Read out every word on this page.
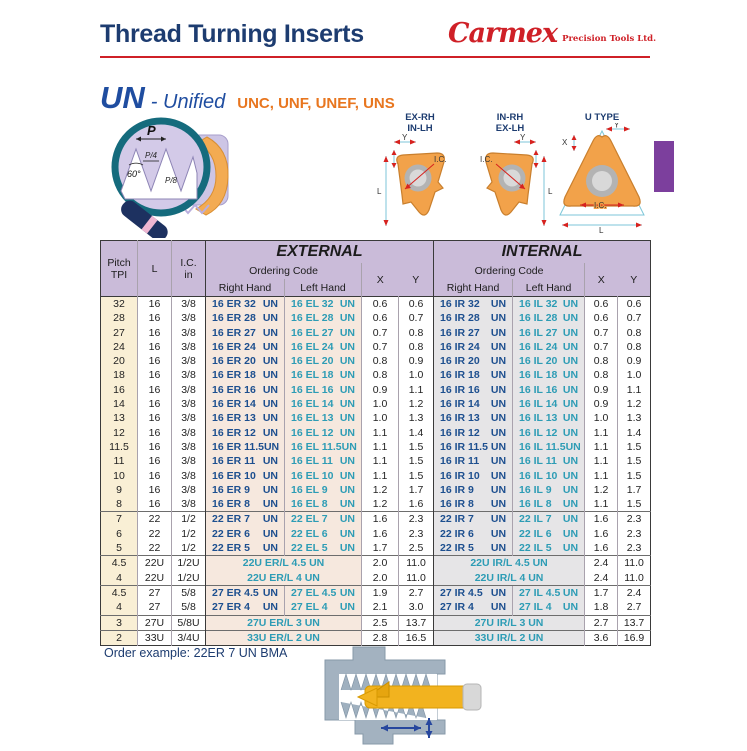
Thread Turning Inserts	Carmex Precision Tools Ltd.
UN - Unified UNC, UNF, UNEF, UNS
P
P/4
60°
P/8
EX-RH
IN-LH
L
Y
I.C.
IN-RH
EX-LH
L
Y
I.C.
U TYPE
X
Y
I.C.
L
Pitch
TPI	L	I.C.
in
	EXTERNAL	INTERNAL
			Ordering Code		X	Y	Ordering Code		X	Y
			Right Hand	Left Hand			Right Hand	Left Hand		
32	16	3/8	16 ER 32 UN	16 EL 32 UN	0.6	0.6	16 IR 32 UN	16 IL 32 UN	0.6	0.6
28	16	3/8	16 ER 28 UN	16 EL 28 UN	0.6	0.7	16 IR 28 UN	16 IL 28 UN	0.6	0.7
27	16	3/8	16 ER 27 UN	16 EL 27 UN	0.7	0.8	16 IR 27 UN	16 IL 27 UN	0.7	0.8
24	16	3/8	16 ER 24 UN	16 EL 24 UN	0.7	0.8	16 IR 24 UN	16 IL 24 UN	0.7	0.8
20	16	3/8	16 ER 20 UN	16 EL 20 UN	0.8	0.9	16 IR 20 UN	16 IL 20 UN	0.8	0.9
18	16	3/8	16 ER 18 UN	16 EL 18 UN	0.8	1.0	16 IR 18 UN	16 IL 18 UN	0.8	1.0
16	16	3/8	16 ER 16 UN	16 EL 16 UN	0.9	1.1	16 IR 16 UN	16 IL 16 UN	0.9	1.1
14	16	3/8	16 ER 14 UN	16 EL 14 UN	1.0	1.2	16 IR 14 UN	16 IL 14 UN	0.9	1.2
13	16	3/8	16 ER 13 UN	16 EL 13 UN	1.0	1.3	16 IR 13 UN	16 IL 13 UN	1.0	1.3
12	16	3/8	16 ER 12 UN	16 EL 12 UN	1.1	1.4	16 IR 12 UN	16 IL 12 UN	1.1	1.4
11.5	16	3/8	16 ER 11.5 UN	16 EL 11.5 UN	1.1	1.5	16 IR 11.5 UN	16 IL 11.5 UN	1.1	1.5
11	16	3/8	16 ER 11 UN	16 EL 11 UN	1.1	1.5	16 IR 11 UN	16 IL 11 UN	1.1	1.5
10	16	3/8	16 ER 10 UN	16 EL 10 UN	1.1	1.5	16 IR 10 UN	16 IL 10 UN	1.1	1.5
9	16	3/8	16 ER 9 UN	16 EL 9 UN	1.2	1.7	16 IR 9 UN	16 IL 9 UN	1.2	1.7
8	16	3/8	16 ER 8 UN	16 EL 8 UN	1.2	1.6	16 IR 8 UN	16 IL 8 UN	1.1	1.5
7	22	1/2	22 ER 7 UN	22 EL 7 UN	1.6	2.3	22 IR 7 UN	22 IL 7 UN	1.6	2.3
6	22	1/2	22 ER 6 UN	22 EL 6 UN	1.6	2.3	22 IR 6 UN	22 IL 6 UN	1.6	2.3
5	22	1/2	22 ER 5 UN	22 EL 5 UN	1.7	2.5	22 IR 5 UN	22 IL 5 UN	1.6	2.3
4.5	22U	1/2U	22U ER/L 4.5 UN		2.0	11.0	22U IR/L 4.5 UN		2.4	11.0
4	22U	1/2U	22U ER/L 4 UN		2.0	11.0	22U IR/L 4 UN		2.4	11.0
4.5	27	5/8	27 ER 4.5 UN	27 EL 4.5 UN	1.9	2.7	27 IR 4.5 UN	27 IL 4.5 UN	1.7	2.4
4	27	5/8	27 ER 4 UN	27 EL 4 UN	2.1	3.0	27 IR 4 UN	27 IL 4 UN	1.8	2.7
3	27U	5/8U	27U ER/L 3 UN		2.5	13.7	27U IR/L 3 UN		2.7	13.7
2	33U	3/4U	33U ER/L 2 UN		2.8	16.5	33U IR/L 2 UN		3.6	16.9
Order example: 22ER 7 UN BMA
